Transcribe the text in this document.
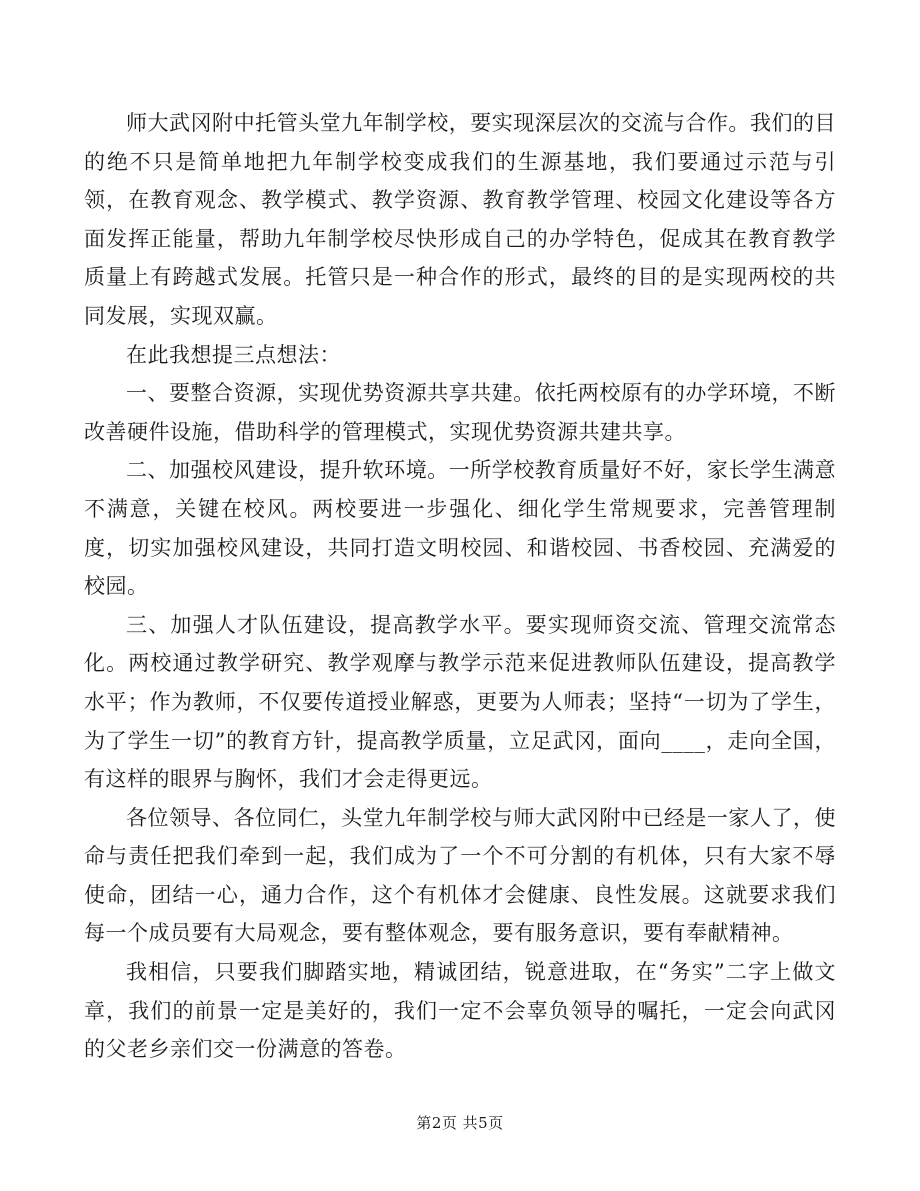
师大武冈附中托管头堂九年制学校，要实现深层次的交流与合作。我们的目的绝不只是简单地把九年制学校变成我们的生源基地，我们要通过示范与引领，在教育观念、教学模式、教学资源、教育教学管理、校园文化建设等各方面发挥正能量，帮助九年制学校尽快形成自己的办学特色，促成其在教育教学质量上有跨越式发展。托管只是一种合作的形式，最终的目的是实现两校的共同发展，实现双赢。

在此我想提三点想法：

一、要整合资源，实现优势资源共享共建。依托两校原有的办学环境，不断改善硬件设施，借助科学的管理模式，实现优势资源共建共享。

二、加强校风建设，提升软环境。一所学校教育质量好不好，家长学生满意不满意，关键在校风。两校要进一步强化、细化学生常规要求，完善管理制度，切实加强校风建设，共同打造文明校园、和谐校园、书香校园、充满爱的校园。

三、加强人才队伍建设，提高教学水平。要实现师资交流、管理交流常态化。两校通过教学研究、教学观摩与教学示范来促进教师队伍建设，提高教学水平；作为教师，不仅要传道授业解惑，更要为人师表；坚持“一切为了学生，为了学生一切”的教育方针，提高教学质量，立足武冈，面向____，走向全国，有这样的眼界与胸怀，我们才会走得更远。

各位领导、各位同仁，头堂九年制学校与师大武冈附中已经是一家人了，使命与责任把我们牵到一起，我们成为了一个不可分割的有机体，只有大家不辱使命，团结一心，通力合作，这个有机体才会健康、良性发展。这就要求我们每一个成员要有大局观念，要有整体观念，要有服务意识，要有奉献精神。

我相信，只要我们脚踏实地，精诚团结，锐意进取，在“务实”二字上做文章，我们的前景一定是美好的，我们一定不会辜负领导的嘱托，一定会向武冈的父老乡亲们交一份满意的答卷。

第2页 共5页
